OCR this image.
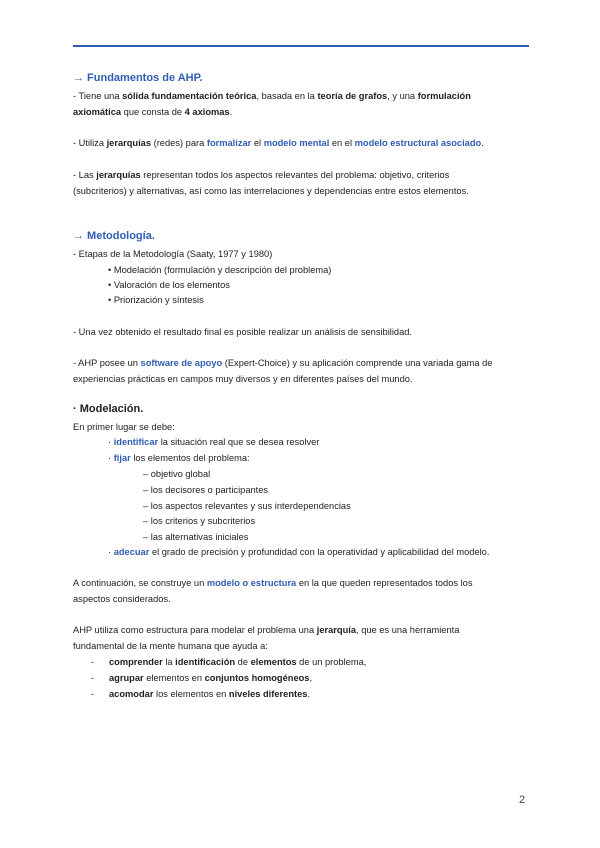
→ Fundamentos de AHP.
- Tiene una sólida fundamentación teórica, basada en la teoría de grafos, y una formulación
axiomática que consta de 4 axiomas.
- Utiliza jerarquías (redes) para formalizar el modelo mental en el modelo estructural asociado.
- Las jerarquías representan todos los aspectos relevantes del problema: objetivo, criterios
(subcriterios) y alternativas, así como las interrelaciones y dependencias entre estos elementos.
→ Metodología.
- Etapas de la Metodología (Saaty, 1977 y 1980)
• Modelación (formulación y descripción del problema)
• Valoración de los elementos
• Priorización y síntesis
- Una vez obtenido el resultado final es posible realizar un análisis de sensibilidad.
- AHP posee un software de apoyo (Expert-Choice) y su aplicación comprende una variada gama de
experiencias prácticas en campos muy diversos y en diferentes países del mundo.
· Modelación.
En primer lugar se debe:
· identificar la situación real que se desea resolver
· fijar los elementos del problema:
– objetivo global
– los decisores o participantes
– los aspectos relevantes y sus interdependencias
– los criterios y subcriterios
– las alternativas iniciales
· adecuar el grado de precisión y profundidad con la operatividad y aplicabilidad del modelo.
A continuación, se construye un modelo o estructura en la que queden representados todos los
aspectos considerados.
AHP utiliza como estructura para modelar el problema una jerarquía, que es una herramienta
fundamental de la mente humana que ayuda a:
- comprender la identificación de elementos de un problema,
- agrupar elementos en conjuntos homogéneos,
- acomodar los elementos en niveles diferentes.
2
